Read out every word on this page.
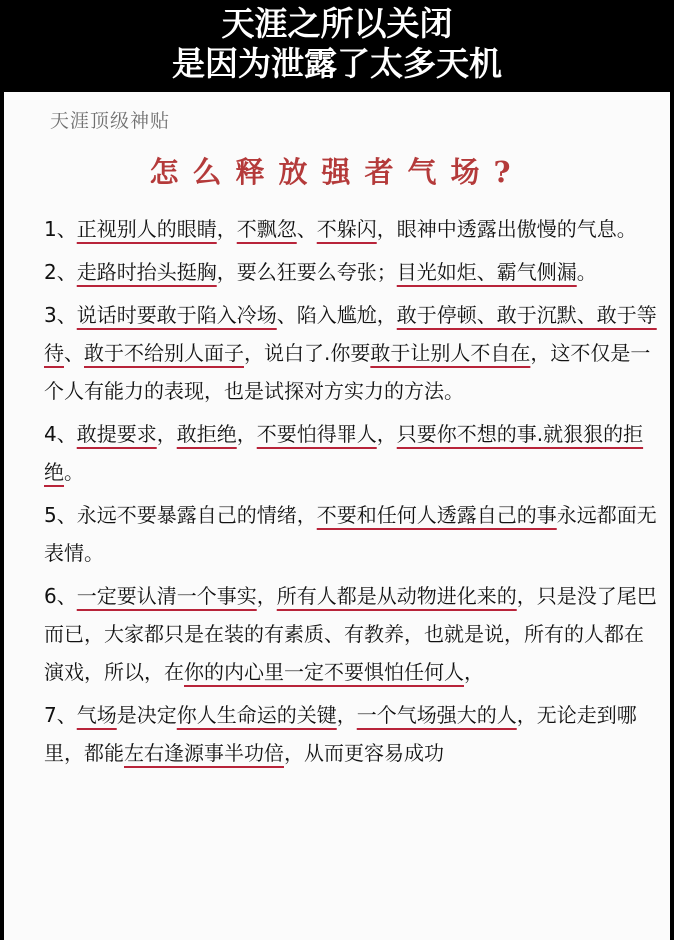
天涯之所以关闭
是因为泄露了太多天机
天涯顶级神贴
怎么释放强者气场?

1、正视别人的眼睛，不飘忽、不躲闪，眼神中透露出傲慢的气息。

2、走路时抬头挺胸，要么狂要么夸张；目光如炬、霸气侧漏。

3、说话时要敢于陷入冷场、陷入尴尬，敢于停顿、敢于沉默、敢于等待、敢于不给别人面子，说白了.你要敢于让别人不自在，这不仅是一个人有能力的表现，也是试探对方实力的方法。

4、敢提要求，敢拒绝，不要怕得罪人，只要你不想的事.就狠狠的拒绝。

5、永远不要暴露自己的情绪，不要和任何人透露自己的事永远都面无表情。

6、一定要认清一个事实，所有人都是从动物进化来的，只是没了尾巴而已，大家都只是在装的有素质、有教养，也就是说，所有的人都在演戏，所以，在你的内心里一定不要惧怕任何人，

7、气场是决定你人生命运的关键，一个气场强大的人，无论走到哪里，都能左右逢源事半功倍，从而更容易成功
